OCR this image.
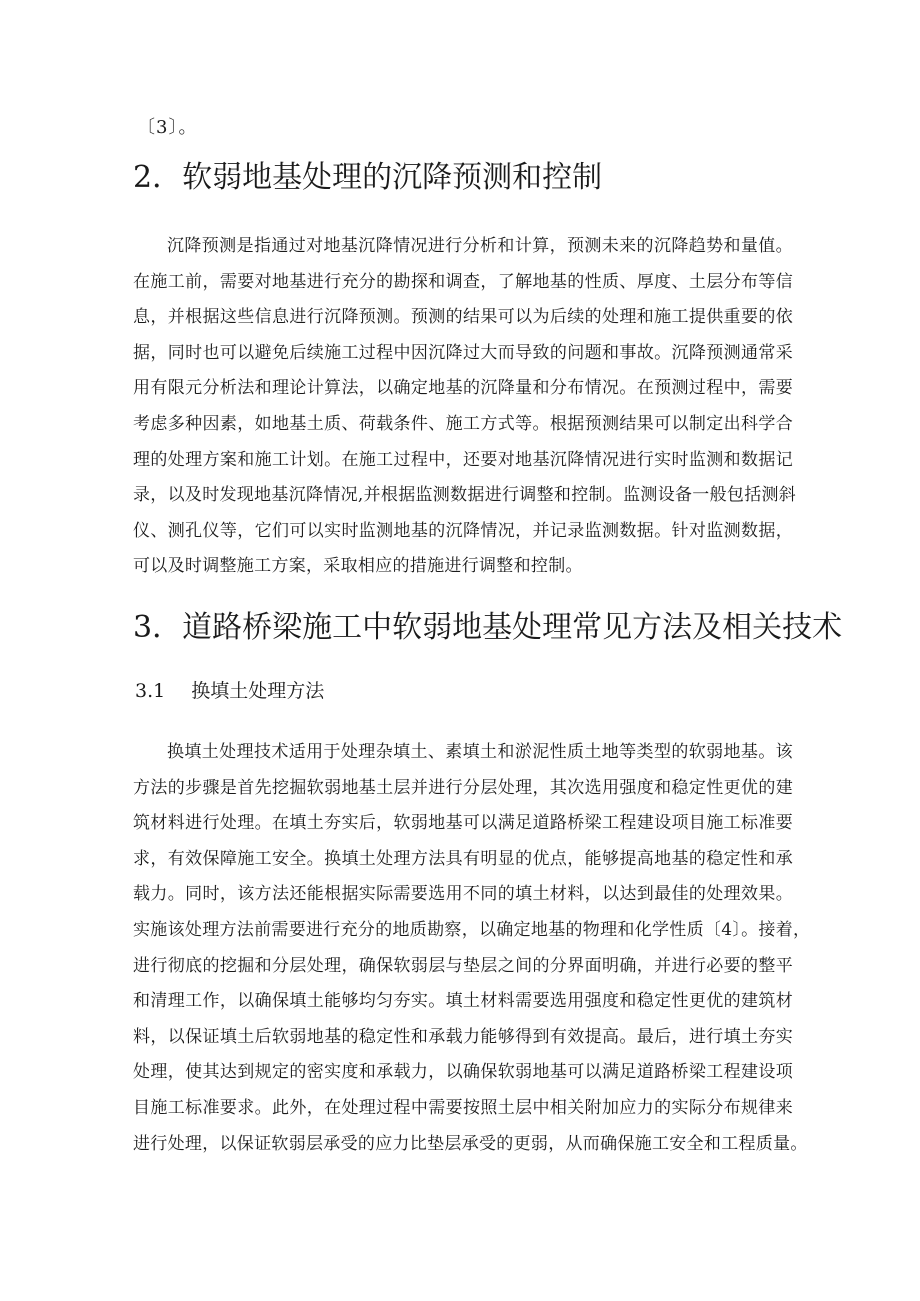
〔3〕。
2．软弱地基处理的沉降预测和控制
沉降预测是指通过对地基沉降情况进行分析和计算，预测未来的沉降趋势和量值。
在施工前，需要对地基进行充分的勘探和调查，了解地基的性质、厚度、土层分布等信
息，并根据这些信息进行沉降预测。预测的结果可以为后续的处理和施工提供重要的依
据，同时也可以避免后续施工过程中因沉降过大而导致的问题和事故。沉降预测通常采
用有限元分析法和理论计算法，以确定地基的沉降量和分布情况。在预测过程中，需要
考虑多种因素，如地基土质、荷载条件、施工方式等。根据预测结果可以制定出科学合
理的处理方案和施工计划。在施工过程中，还要对地基沉降情况进行实时监测和数据记
录，以及时发现地基沉降情况,并根据监测数据进行调整和控制。监测设备一般包括测斜
仪、测孔仪等，它们可以实时监测地基的沉降情况，并记录监测数据。针对监测数据，
可以及时调整施工方案，采取相应的措施进行调整和控制。
3．道路桥梁施工中软弱地基处理常见方法及相关技术
3.1 换填土处理方法
换填土处理技术适用于处理杂填土、素填土和淤泥性质土地等类型的软弱地基。该
方法的步骤是首先挖掘软弱地基土层并进行分层处理，其次选用强度和稳定性更优的建
筑材料进行处理。在填土夯实后，软弱地基可以满足道路桥梁工程建设项目施工标准要
求，有效保障施工安全。换填土处理方法具有明显的优点，能够提高地基的稳定性和承
载力。同时，该方法还能根据实际需要选用不同的填土材料，以达到最佳的处理效果。
实施该处理方法前需要进行充分的地质勘察，以确定地基的物理和化学性质〔4〕。接着，
进行彻底的挖掘和分层处理，确保软弱层与垫层之间的分界面明确，并进行必要的整平
和清理工作，以确保填土能够均匀夯实。填土材料需要选用强度和稳定性更优的建筑材
料，以保证填土后软弱地基的稳定性和承载力能够得到有效提高。最后，进行填土夯实
处理，使其达到规定的密实度和承载力，以确保软弱地基可以满足道路桥梁工程建设项
目施工标准要求。此外，在处理过程中需要按照土层中相关附加应力的实际分布规律来
进行处理，以保证软弱层承受的应力比垫层承受的更弱，从而确保施工安全和工程质量。
